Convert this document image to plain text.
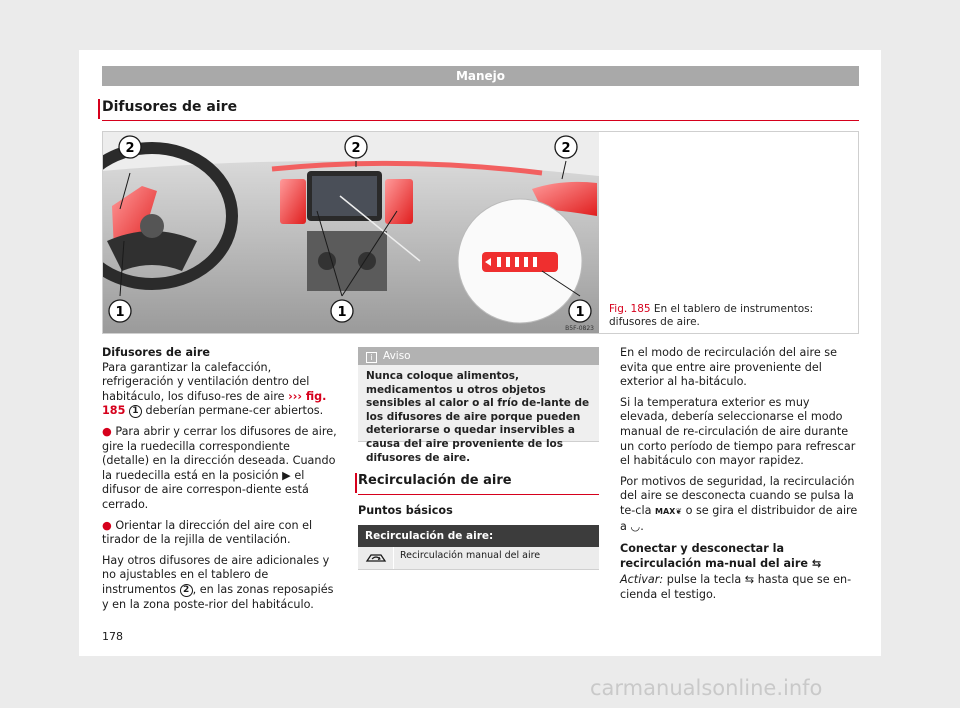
Manejo
Difusores de aire
2	2	2
1	1	1
B5F-0823
Fig. 185 En el tablero de instrumentos: difusores de aire.
Difusores de aire

Para garantizar la calefacción, refrigeración y ventilación dentro del habitáculo, los difuso-res de aire ››› fig. 185 1 deberían permane-cer abiertos.

● Para abrir y cerrar los difusores de aire, gire la ruedecilla correspondiente (detalle) en la dirección deseada. Cuando la ruedecilla está en la posición ▶ el difusor de aire correspon-diente está cerrado.

● Orientar la dirección del aire con el tirador de la rejilla de ventilación.

Hay otros difusores de aire adicionales y no ajustables en el tablero de instrumentos 2 , en las zonas reposapiés y en la zona poste-rior del habitáculo.

i Aviso
Nunca coloque alimentos, medicamentos u otros objetos sensibles al calor o al frío de-lante de los difusores de aire porque pueden deteriorarse o quedar inservibles a causa del aire proveniente de los difusores de aire.
Recirculación de aire
Puntos básicos
Recirculación de aire:
Recirculación manual del aire

En el modo de recirculación del aire se evita que entre aire proveniente del exterior al ha-bitáculo.

Si la temperatura exterior es muy elevada, debería seleccionarse el modo manual de re-circulación de aire durante un corto período de tiempo para refrescar el habitáculo con mayor rapidez.

Por motivos de seguridad, la recirculación del aire se desconecta cuando se pulsa la te-cla MAX❦ o se gira el distribuidor de aire a ◡.

Conectar y desconectar la recirculación ma-nual del aire ⇆

Activar: pulse la tecla ⇆ hasta que se en-cienda el testigo.

178
carmanualsonline.info
